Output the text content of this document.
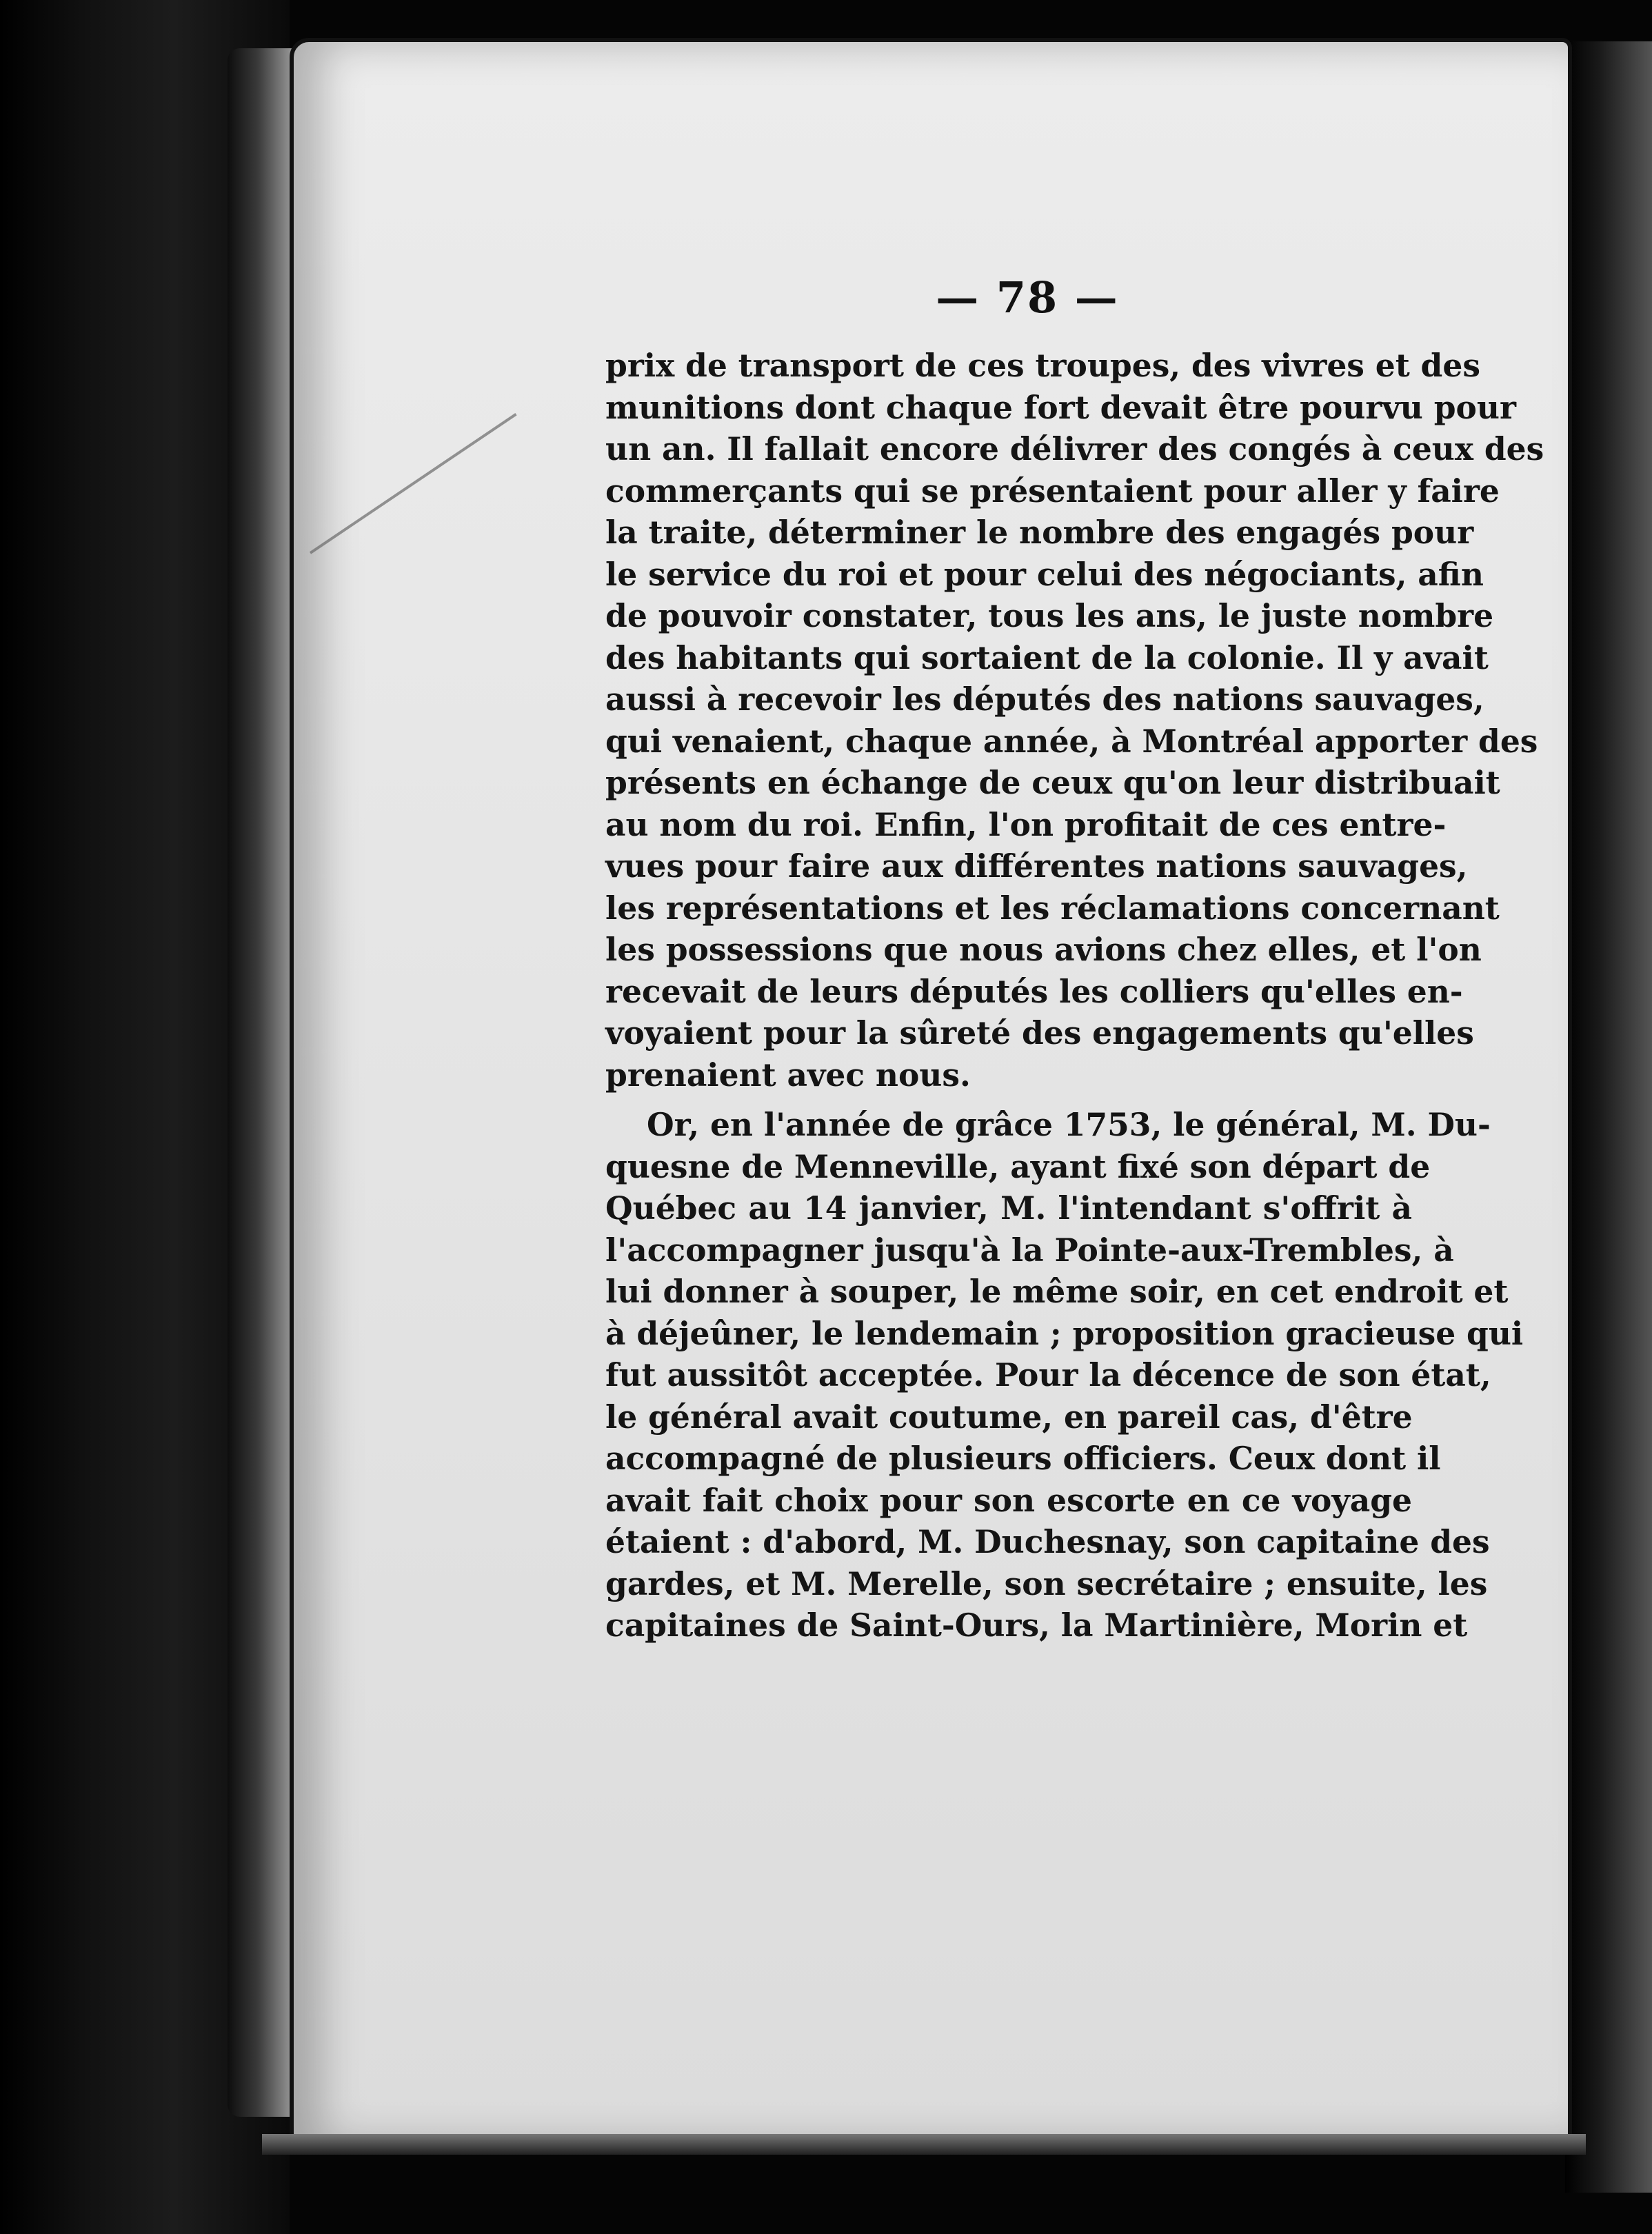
— 78 —
prix de transport de ces troupes, des vivres et des
munitions dont chaque fort devait être pourvu pour
un an. Il fallait encore délivrer des congés à ceux des
commerçants qui se présentaient pour aller y faire
la traite, déterminer le nombre des engagés pour
le service du roi et pour celui des négociants, afin
de pouvoir constater, tous les ans, le juste nombre
des habitants qui sortaient de la colonie. Il y avait
aussi à recevoir les députés des nations sauvages,
qui venaient, chaque année, à Montréal apporter des
présents en échange de ceux qu'on leur distribuait
au nom du roi. Enfin, l'on profitait de ces entre-
vues pour faire aux différentes nations sauvages,
les représentations et les réclamations concernant
les possessions que nous avions chez elles, et l'on
recevait de leurs députés les colliers qu'elles en-
voyaient pour la sûreté des engagements qu'elles
prenaient avec nous.
Or, en l'année de grâce 1753, le général, M. Du-
quesne de Menneville, ayant fixé son départ de
Québec au 14 janvier, M. l'intendant s'offrit à
l'accompagner jusqu'à la Pointe-aux-Trembles, à
lui donner à souper, le même soir, en cet endroit et
à déjeûner, le lendemain ; proposition gracieuse qui
fut aussitôt acceptée. Pour la décence de son état,
le général avait coutume, en pareil cas, d'être
accompagné de plusieurs officiers. Ceux dont il
avait fait choix pour son escorte en ce voyage
étaient : d'abord, M. Duchesnay, son capitaine des
gardes, et M. Merelle, son secrétaire ; ensuite, les
capitaines de Saint-Ours, la Martinière, Morin et
